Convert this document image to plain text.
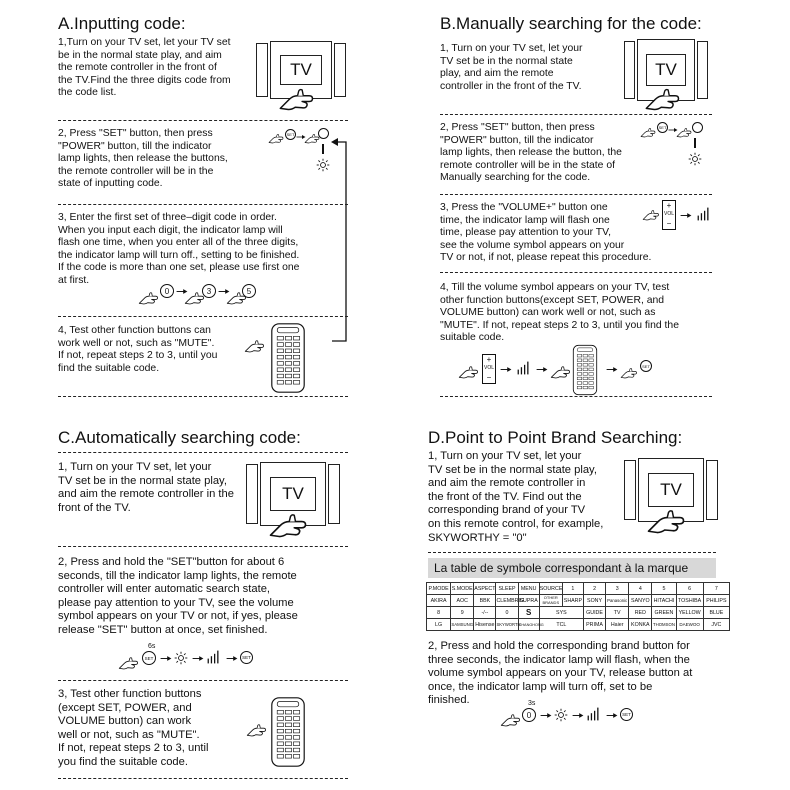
A.Inputting code:
1,Turn on your TV set, let your TV set
be in the normal state play, and aim
the remote controller in the front of
the TV.Find the three digits code from
the code list.
TV
2, Press "SET" button, then press
"POWER" button, till the indicator
lamp lights, then release the buttons,
the remote controller will be in the
state of inputting code.
SET
3, Enter the first set of three–digit code in order.
When you input each digit, the indicator lamp will
flash one time, when you enter all of the three digits,
the indicator lamp will turn off., setting to be finished.
If the code is more than one set, please use first one
at first.
0	3	5
4, Test other function buttons can
work well or not, such as "MUTE".
If not, repeat steps 2 to 3, until you
find the suitable code.
B.Manually searching for the code:
1, Turn on your TV set, let your
TV set be in the normal state
play, and aim the remote
controller in the front of the TV.
TV
2, Press "SET" button, then press
"POWER" button, till the indicator
lamp lights, then release the button, the
remote controller will be in the state of
Manually searching for the code.
SET
3, Press the "VOLUME+" button one
time, the indicator lamp will flash one
time, please pay attention to your TV,
see the volume symbol appears on your
TV or not, if not, please repeat this procedure.
+
VOL
−
4, Till the volume symbol appears on your TV, test
other function buttons(except SET, POWER, and
VOLUME button) can work well or not, such as
"MUTE". If not, repeat steps 2 to 3, until you find the
suitable code.
+
VOL
−
SET
C.Automatically searching code:
1, Turn on your TV set, let your
TV set be in the normal state play,
and aim the remote controller in the
front of the TV.
TV
2, Press and hold the "SET"button for about 6
seconds, till the indicator lamp lights, the remote
controller will enter automatic search state,
please pay attention to your TV, see the volume
symbol appears on your TV or not, if yes, please
release "SET" button at once, set finished.
6s
SET	SET
3, Test other function buttons
(except SET, POWER, and
VOLUME button) can work
well or not, such as "MUTE".
If not, repeat steps 2 to 3, until
you find the suitable code.
D.Point to Point Brand Searching:
1, Turn on your TV set, let your
TV set be in the normal state play,
and aim the remote controller in
the front of the TV. Find out the
corresponding brand of your TV
on this remote control, for example,
SKYWORTHY = "0"
TV
La table de symbole correspondant à la marque
P.MODE	S.MODE	ASPECT	SLEEP	MENU	SOURCE	1	2	3	4	5	6	7
AKIRA	AOC	BBK	CLEMBRIG	SUPRA	OTHER BRANDS	SHARP	SONY	Panasonic	SANYO	HITACHI	TOSHIBA	PHILIPS
8	9	-/--	0	S	SYS		GUIDE	TV	RED	GREEN	YELLOW	BLUE
LG	SAMSUNG	Hisense	SKYWORTH	CHANGHONG	TCL		PRIMA	Haier	KONKA	THOMSON	DAEWOO	JVC
2, Press and hold the corresponding brand button for
three seconds, the indicator lamp will flash, when the
volume symbol appears on your TV, release button at
once, the indicator lamp will turn off, set to be
finished.	3s
0	SET
